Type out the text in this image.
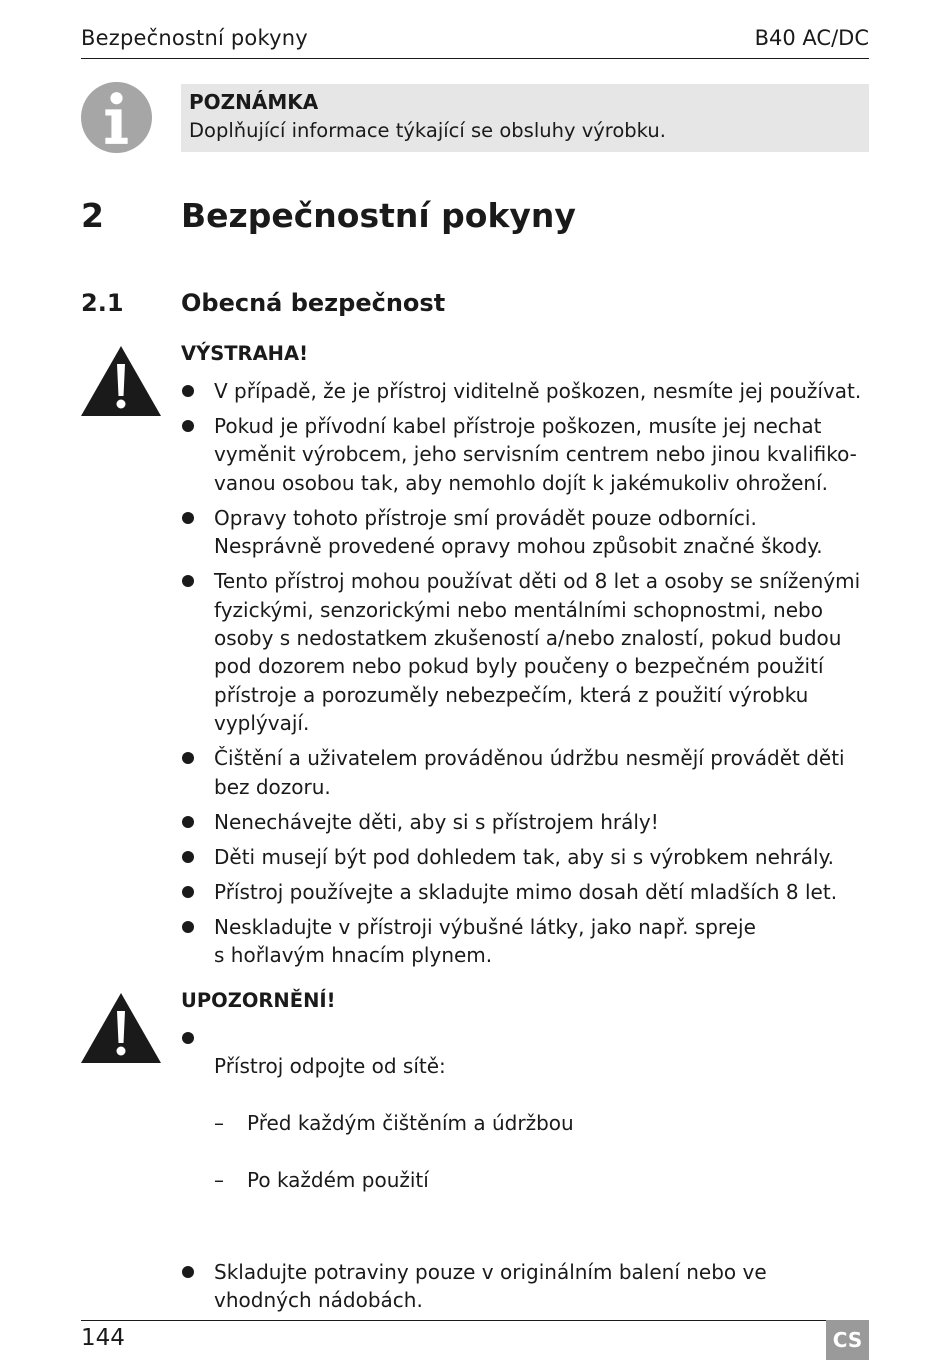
Bezpečnostní pokyny	B40 AC/DC
POZNÁMKA
Doplňující informace týkající se obsluhy výrobku.
2 Bezpečnostní pokyny
2.1 Obecná bezpečnost
VÝSTRAHA!
V případě, že je přístroj viditelně poškozen, nesmíte jej používat.
Pokud je přívodní kabel přístroje poškozen, musíte jej nechat
vyměnit výrobcem, jeho servisním centrem nebo jinou kvalifiko-
vanou osobou tak, aby nemohlo dojít k jakémukoliv ohrožení.
Opravy tohoto přístroje smí provádět pouze odborníci.
Nesprávně provedené opravy mohou způsobit značné škody.
Tento přístroj mohou používat děti od 8 let a osoby se sníženými
fyzickými, senzorickými nebo mentálními schopnostmi, nebo
osoby s nedostatkem zkušeností a/nebo znalostí, pokud budou
pod dozorem nebo pokud byly poučeny o bezpečném použití
přístroje a porozuměly nebezpečím, která z použití výrobku
vyplývají.
Čištění a uživatelem prováděnou údržbu nesmějí provádět děti
bez dozoru.
Nenechávejte děti, aby si s přístrojem hrály!
Děti musejí být pod dohledem tak, aby si s výrobkem nehrály.
Přístroj používejte a skladujte mimo dosah dětí mladších 8 let.
Neskladujte v přístroji výbušné látky, jako např. spreje
s hořlavým hnacím plynem.
UPOZORNĚNÍ!

Přístroj odpojte od sítě:

– Před každým čištěním a údržbou

– Po každém použití

Skladujte potraviny pouze v originálním balení nebo ve
vhodných nádobách.
144	CS
